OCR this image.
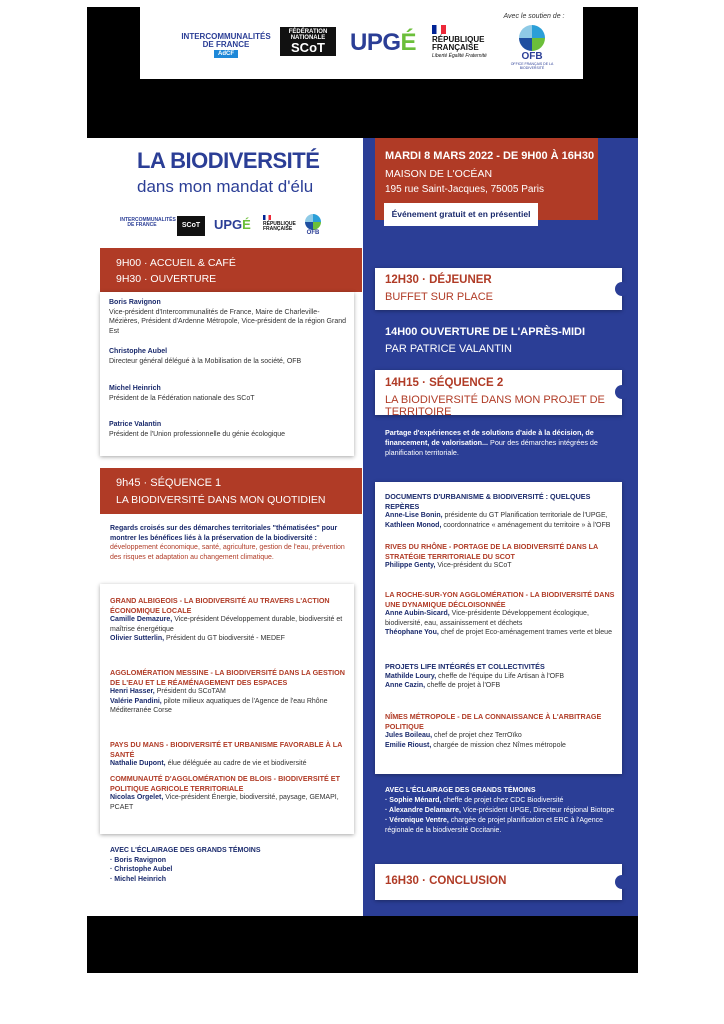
INTERCOMMUNALITÉS
DE FRANCE
AdCF
FÉDÉRATION
NATIONALE
SCoT	UPGÉ RÉPUBLIQUE
FRANÇAISE
Liberté Égalité Fraternité
Avec le soutien de :
OFB
OFFICE FRANÇAIS DE LA BIODIVERSITÉ
LA BIODIVERSITÉ
dans mon mandat d'élu
INTERCOMMUNALITÉS
DE FRANCE	SCoT	UPGÉ RÉPUBLIQUE
FRANÇAISE
OFB
MARDI 8 MARS 2022 - DE 9H00 À 16H30
MAISON DE L'OCÉAN
195 rue Saint-Jacques, 75005 Paris
Événement gratuit et en présentiel
9H00 · ACCUEIL & CAFÉ
9H30 · OUVERTURE
Boris Ravignon
Vice-président d'Intercommunalités de France, Maire de Charleville-Mézières, Président d'Ardenne Métropole, Vice-président de la région Grand Est
Christophe Aubel
Directeur général délégué à la Mobilisation de la société, OFB
Michel Heinrich
Président de la Fédération nationale des SCoT
Patrice Valantin
Président de l'Union professionnelle du génie écologique
9h45 · SÉQUENCE 1
LA BIODIVERSITÉ DANS MON QUOTIDIEN
Regards croisés sur des démarches territoriales "thématisées" pour montrer les bénéfices liés à la préservation de la biodiversité : développement économique, santé, agriculture, gestion de l'eau, prévention des risques et adaptation au changement climatique.
GRAND ALBIGEOIS - LA BIODIVERSITÉ AU TRAVERS L'ACTION ÉCONOMIQUE LOCALE
Camille Demazure, Vice-président Développement durable, biodiversité et maîtrise énergétique
Olivier Sutterlin, Président du GT biodiversité - MEDEF
AGGLOMÉRATION MESSINE - LA BIODIVERSITÉ DANS LA GESTION DE L'EAU ET LE RÉAMÉNAGEMENT DES ESPACES
Henri Hasser, Président du SCoTAM
Valérie Pandini, pilote milieux aquatiques de l'Agence de l'eau Rhône Méditerranée Corse
PAYS DU MANS - BIODIVERSITÉ ET URBANISME FAVORABLE À LA SANTÉ
Nathalie Dupont, élue déléguée au cadre de vie et biodiversité
COMMUNAUTÉ D'AGGLOMÉRATION DE BLOIS - BIODIVERSITÉ ET POLITIQUE AGRICOLE TERRITORIALE
Nicolas Orgelet, Vice-président Énergie, biodiversité, paysage, GEMAPI, PCAET
AVEC L'ÉCLAIRAGE DES GRANDS TÉMOINS
· Boris Ravignon
· Christophe Aubel
· Michel Heinrich
12H30 · DÉJEUNER
BUFFET SUR PLACE
14H00 OUVERTURE DE L'APRÈS-MIDI
PAR PATRICE VALANTIN
14H15 · SÉQUENCE 2
LA BIODIVERSITÉ DANS MON PROJET DE TERRITOIRE
Partage d'expériences et de solutions d'aide à la décision, de financement, de valorisation... Pour des démarches intégrées de planification territoriale.
DOCUMENTS D'URBANISME & BIODIVERSITÉ : QUELQUES REPÈRES
Anne-Lise Bonin, présidente du GT Planification territoriale de l'UPGE,
Kathleen Monod, coordonnatrice « aménagement du territoire » à l'OFB
RIVES DU RHÔNE - PORTAGE DE LA BIODIVERSITÉ DANS LA STRATÉGIE TERRITORIALE DU SCOT
Philippe Genty, Vice-président du SCoT
LA ROCHE-SUR-YON AGGLOMÉRATION - LA BIODIVERSITÉ DANS UNE DYNAMIQUE DÉCLOISONNÉE
Anne Aubin-Sicard, Vice-présidente Développement écologique, biodiversité, eau, assainissement et déchets
Théophane You, chef de projet Eco-aménagement trames verte et bleue
PROJETS LIFE INTÉGRÉS ET COLLECTIVITÉS
Mathilde Loury, cheffe de l'équipe du Life Artisan à l'OFB
Anne Cazin, cheffe de projet à l'OFB
NÎMES MÉTROPOLE - DE LA CONNAISSANCE À L'ARBITRAGE POLITIQUE
Jules Boileau, chef de projet chez TerrOïko
Emilie Rioust, chargée de mission chez Nîmes métropole
AVEC L'ÉCLAIRAGE DES GRANDS TÉMOINS
· Sophie Ménard, cheffe de projet chez CDC Biodiversité
· Alexandre Delamarre, Vice-président UPGE, Directeur régional Biotope
· Véronique Ventre, chargée de projet planification et ERC à l'Agence régionale de la biodiversité Occitanie.
16H30 · CONCLUSION
